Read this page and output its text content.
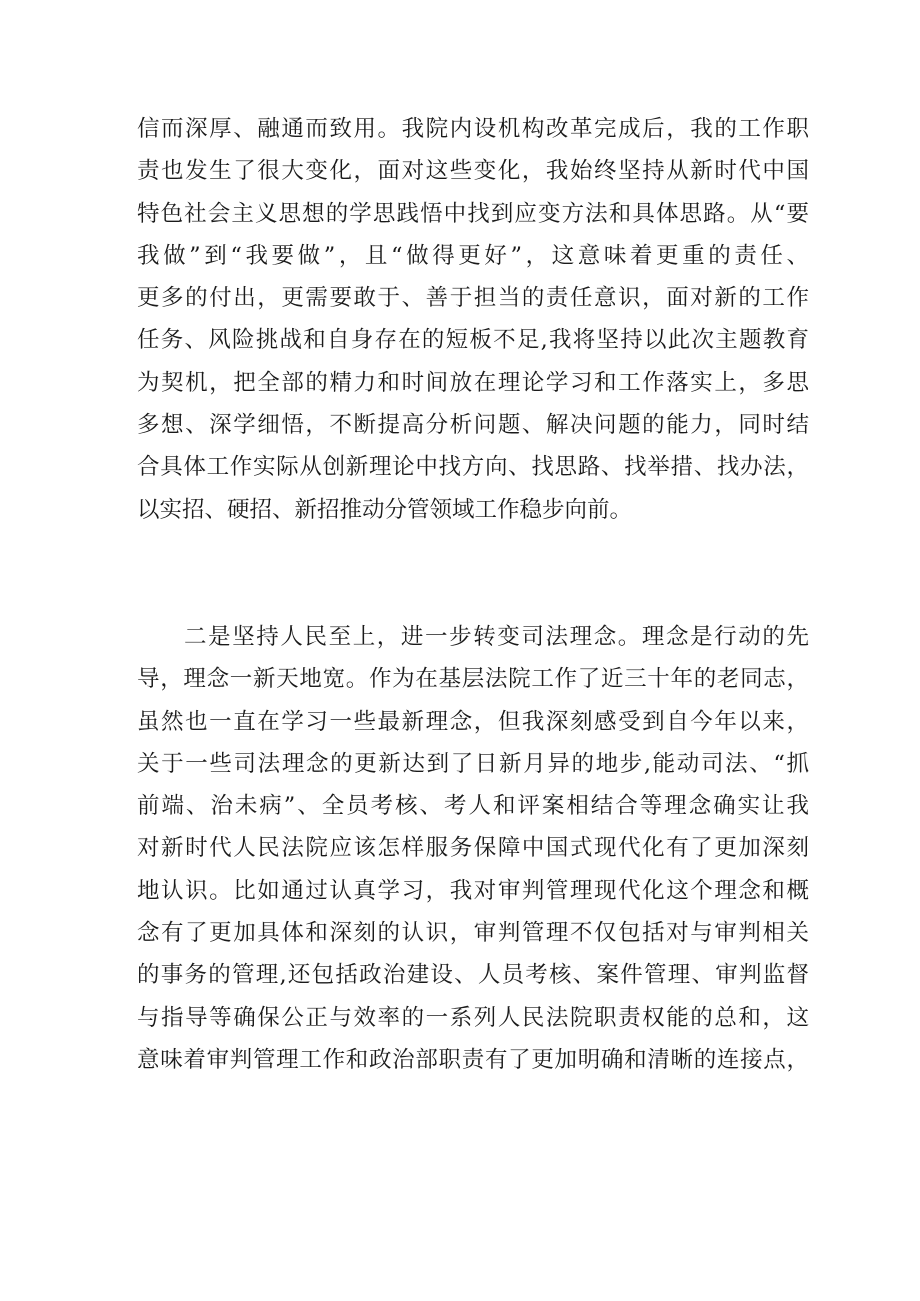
信而深厚、融通而致用。我院内设机构改革完成后，我的工作职
责也发生了很大变化，面对这些变化，我始终坚持从新时代中国
特色社会主义思想的学思践悟中找到应变方法和具体思路。从“要
我做”到“我要做”，且“做得更好”，这意味着更重的责任、
更多的付出，更需要敢于、善于担当的责任意识，面对新的工作
任务、风险挑战和自身存在的短板不足,我将坚持以此次主题教育
为契机，把全部的精力和时间放在理论学习和工作落实上，多思
多想、深学细悟，不断提高分析问题、解决问题的能力，同时结
合具体工作实际从创新理论中找方向、找思路、找举措、找办法，
以实招、硬招、新招推动分管领域工作稳步向前。
二是坚持人民至上，进一步转变司法理念。理念是行动的先
导，理念一新天地宽。作为在基层法院工作了近三十年的老同志，
虽然也一直在学习一些最新理念，但我深刻感受到自今年以来，
关于一些司法理念的更新达到了日新月异的地步,能动司法、“抓
前端、治未病”、全员考核、考人和评案相结合等理念确实让我
对新时代人民法院应该怎样服务保障中国式现代化有了更加深刻
地认识。比如通过认真学习，我对审判管理现代化这个理念和概
念有了更加具体和深刻的认识，审判管理不仅包括对与审判相关
的事务的管理,还包括政治建设、人员考核、案件管理、审判监督
与指导等确保公正与效率的一系列人民法院职责权能的总和，这
意味着审判管理工作和政治部职责有了更加明确和清晰的连接点，
